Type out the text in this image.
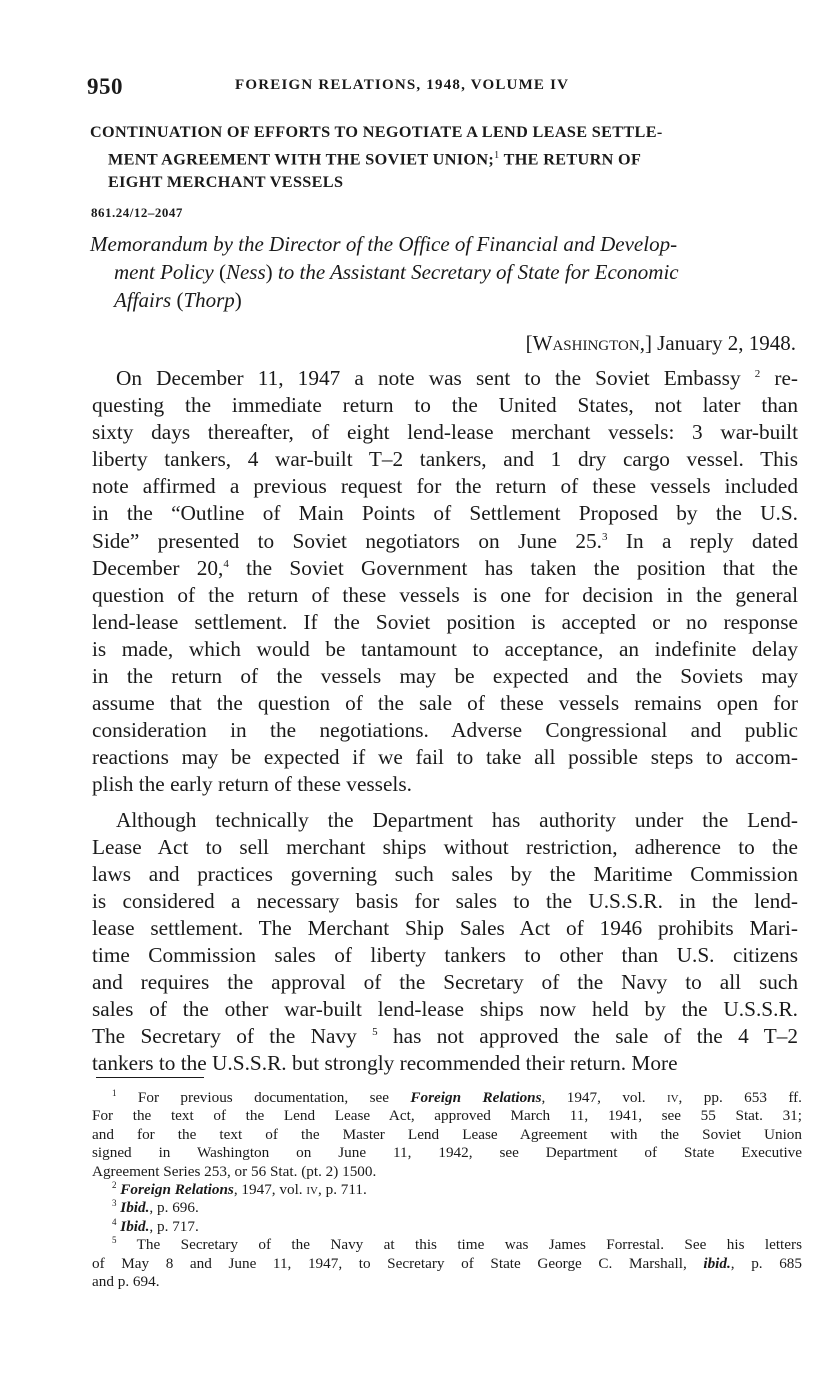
950	FOREIGN RELATIONS, 1948, VOLUME IV
CONTINUATION OF EFFORTS TO NEGOTIATE A LEND LEASE SETTLE-
MENT AGREEMENT WITH THE SOVIET UNION;$^1$ THE RETURN OF
EIGHT MERCHANT VESSELS
861.24/12–2047
Memorandum by the Director of the Office of Financial and Develop-
ment Policy (Ness) to the Assistant Secretary of State for Economic
Affairs (Thorp)
[Washington,] January 2, 1948.
On December 11, 1947 a note was sent to the Soviet Embassy $^2$ re-
questing the immediate return to the United States, not later than
sixty days thereafter, of eight lend-lease merchant vessels: 3 war-built
liberty tankers, 4 war-built T–2 tankers, and 1 dry cargo vessel. This
note affirmed a previous request for the return of these vessels included
in the “Outline of Main Points of Settlement Proposed by the U.S.
Side” presented to Soviet negotiators on June 25.$^3$ In a reply dated
December 20,$^4$ the Soviet Government has taken the position that the
question of the return of these vessels is one for decision in the general
lend-lease settlement. If the Soviet position is accepted or no response
is made, which would be tantamount to acceptance, an indefinite delay
in the return of the vessels may be expected and the Soviets may
assume that the question of the sale of these vessels remains open for
consideration in the negotiations. Adverse Congressional and public
reactions may be expected if we fail to take all possible steps to accom-
plish the early return of these vessels.
Although technically the Department has authority under the Lend-
Lease Act to sell merchant ships without restriction, adherence to the
laws and practices governing such sales by the Maritime Commission
is considered a necessary basis for sales to the U.S.S.R. in the lend-
lease settlement. The Merchant Ship Sales Act of 1946 prohibits Mari-
time Commission sales of liberty tankers to other than U.S. citizens
and requires the approval of the Secretary of the Navy to all such
sales of the other war-built lend-lease ships now held by the U.S.S.R.
The Secretary of the Navy $^5$ has not approved the sale of the 4 T–2
tankers to the U.S.S.R. but strongly recommended their return. More
$^1$ For previous documentation, see Foreign Relations, 1947, vol. iv, pp. 653 ff.
For the text of the Lend Lease Act, approved March 11, 1941, see 55 Stat. 31;
and for the text of the Master Lend Lease Agreement with the Soviet Union
signed in Washington on June 11, 1942, see Department of State Executive
Agreement Series 253, or 56 Stat. (pt. 2) 1500.
$^2$ Foreign Relations, 1947, vol. iv, p. 711.
$^3$ Ibid., p. 696.
$^4$ Ibid., p. 717.
$^5$ The Secretary of the Navy at this time was James Forrestal. See his letters
of May 8 and June 11, 1947, to Secretary of State George C. Marshall, ibid., p. 685
and p. 694.
